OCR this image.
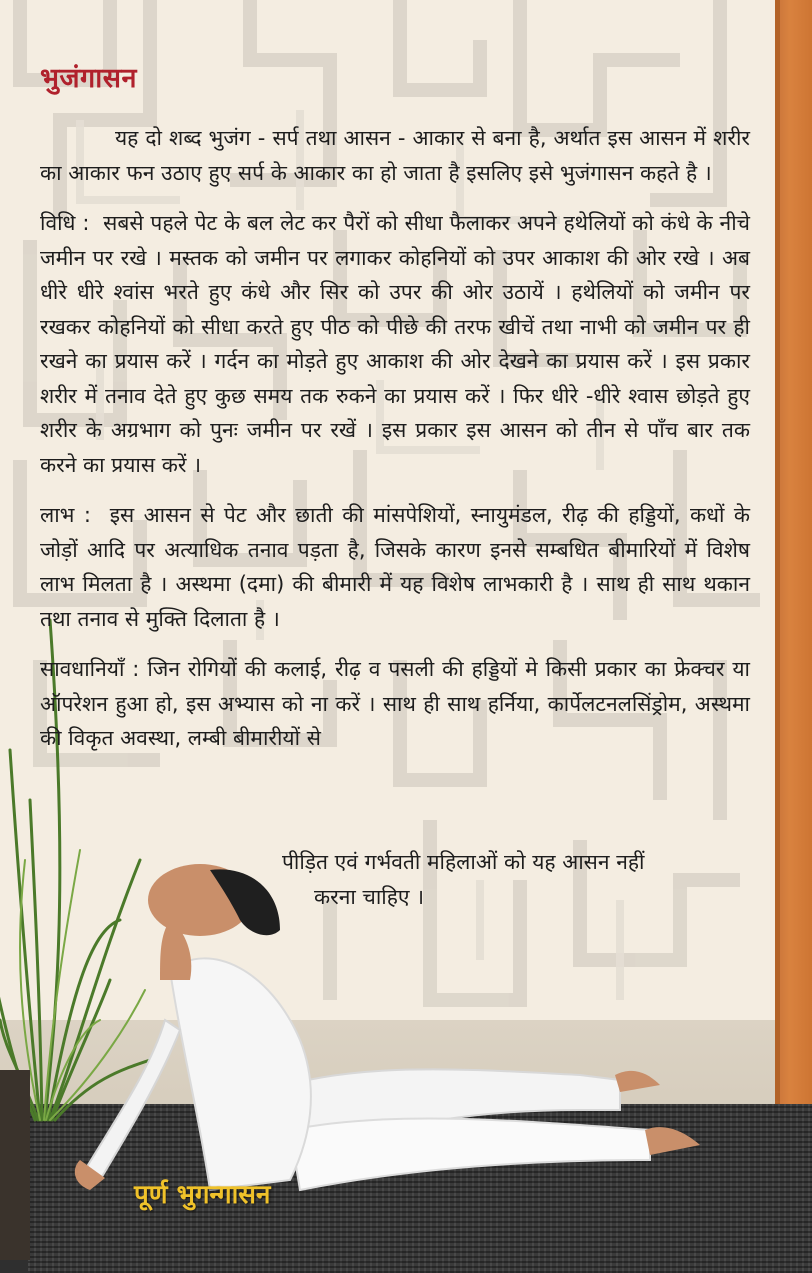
भुजंगासन

यह दो शब्द भुजंग - सर्प तथा आसन - आकार से बना है, अर्थात इस आसन में शरीर का आकार फन उठाए हुए सर्प के आकार का हो जाता है इसलिए इसे भुजंगासन कहते है ।

विधि : सबसे पहले पेट के बल लेट कर पैरों को सीधा फैलाकर अपने हथेलियों को कंधे के नीचे जमीन पर रखे । मस्तक को जमीन पर लगाकर कोहनियों को उपर आकाश की ओर रखे । अब धीरे धीरे श्वांस भरते हुए कंधे और सिर को उपर की ओर उठायें । हथेलियों को जमीन पर रखकर कोहनियों को सीधा करते हुए पीठ को पीछे की तरफ खीचें तथा नाभी को जमीन पर ही रखने का प्रयास करें । गर्दन का मोड़ते हुए आकाश की ओर देखने का प्रयास करें । इस प्रकार शरीर में तनाव देते हुए कुछ समय तक रुकने का प्रयास करें । फिर धीरे -धीरे श्वास छोड़ते हुए शरीर के अग्रभाग को पुनः जमीन पर रखें । इस प्रकार इस आसन को तीन से पाँच बार तक करने का प्रयास करें ।

लाभ : इस आसन से पेट और छाती की मांसपेशियों, स्नायुमंडल, रीढ़ की हड्डियों, कधों के जोड़ों आदि पर अत्याधिक तनाव पड़ता है, जिसके कारण इनसे सम्बधित बीमारियों में विशेष लाभ मिलता है । अस्थमा (दमा) की बीमारी में यह विशेष लाभकारी है । साथ ही साथ थकान तथा तनाव से मुक्ति दिलाता है ।

सावधानियाँ : जिन रोगियों की कलाई, रीढ़ व पसली की हड्डियों मे किसी प्रकार का फ्रेक्चर या ऑपरेशन हुआ हो, इस अभ्यास को ना करें । साथ ही साथ हर्निया, कार्पेलटनलसिंड्रोम, अस्थमा की विकृत अवस्था, लम्बी बीमारीयों से

पीड़ित एवं गर्भवती महिलाओं को यह आसन नहीं
करना चाहिए ।
पूर्ण भुगन्गासन
